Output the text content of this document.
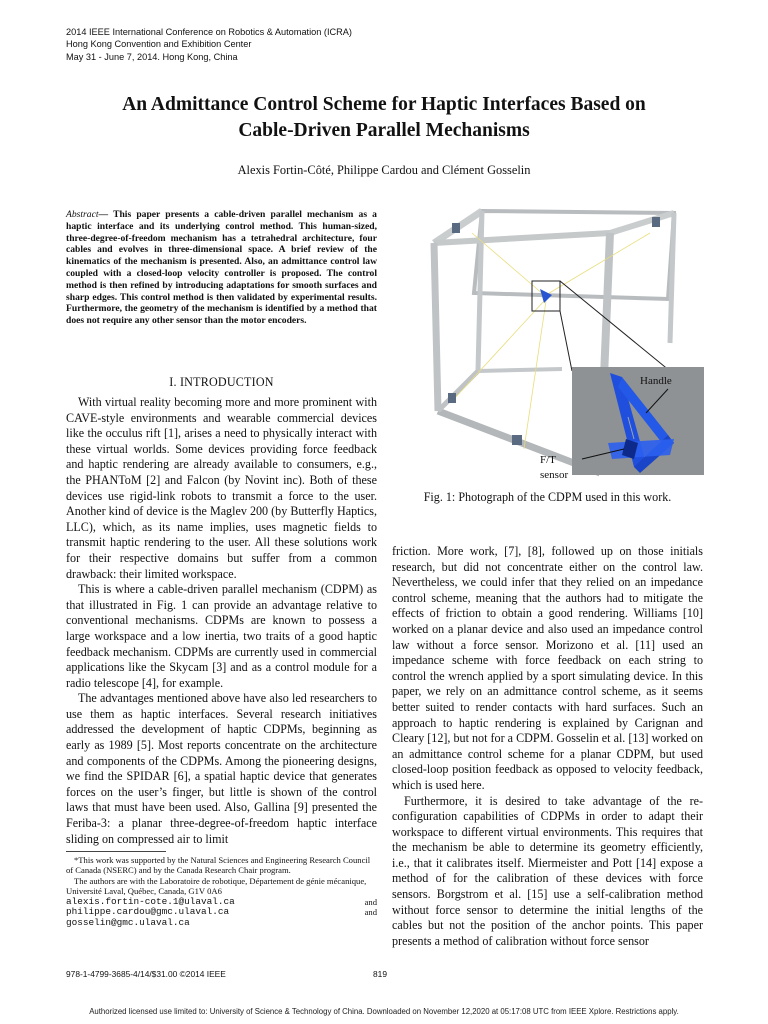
2014 IEEE International Conference on Robotics & Automation (ICRA)
Hong Kong Convention and Exhibition Center
May 31 - June 7, 2014. Hong Kong, China
An Admittance Control Scheme for Haptic Interfaces Based on
Cable-Driven Parallel Mechanisms
Alexis Fortin-Côté, Philippe Cardou and Clément Gosselin
Abstract— This paper presents a cable-driven parallel mechanism as a haptic interface and its underlying control method. This human-sized, three-degree-of-freedom mechanism has a tetrahedral architecture, four cables and evolves in three-dimensional space. A brief review of the kinematics of the mechanism is presented. Also, an admittance control law coupled with a closed-loop velocity controller is proposed. The control method is then refined by introducing adaptations for smooth surfaces and sharp edges. This control method is then validated by experimental results. Furthermore, the geometry of the mechanism is identified by a method that does not require any other sensor than the motor encoders.
I. INTRODUCTION

With virtual reality becoming more and more prominent with CAVE-style environments and wearable commercial devices like the occulus rift [1], arises a need to physically interact with these virtual worlds. Some devices providing force feedback and haptic rendering are already available to consumers, e.g., the PHANToM [2] and Falcon (by Novint inc). Both of these devices use rigid-link robots to transmit a force to the user. Another kind of device is the Maglev 200 (by Butterfly Haptics, LLC), which, as its name implies, uses magnetic fields to transmit haptic rendering to the user. All these solutions work for their respective domains but suffer from a common drawback: their limited workspace.

This is where a cable-driven parallel mechanism (CDPM) as that illustrated in Fig. 1 can provide an advantage relative to conventional mechanisms. CDPMs are known to possess a large workspace and a low inertia, two traits of a good haptic feedback mechanism. CDPMs are currently used in commercial applications like the Skycam [3] and as a control module for a radio telescope [4], for example.

The advantages mentioned above have also led researchers to use them as haptic interfaces. Several research initiatives addressed the development of haptic CDPMs, beginning as early as 1989 [5]. Most reports concentrate on the architecture and components of the CDPMs. Among the pioneering designs, we find the SPIDAR [6], a spatial haptic device that generates forces on the user’s finger, but little is shown of the control laws that must have been used. Also, Gallina [9] presented the Feriba-3: a planar three-degree-of-freedom haptic interface sliding on compressed air to limit

*This work was supported by the Natural Sciences and Engineering Research Council of Canada (NSERC) and by the Canada Research Chair program.

The authors are with the Laboratoire de robotique, Département de génie mécanique, Université Laval, Québec, Canada, G1V 0A6

alexis.fortin-cote.1@ulaval.ca	and
philippe.cardou@gmc.ulaval.ca	and
gosselin@gmc.ulaval.ca
Handle
F/T
sensor
Fig. 1: Photograph of the CDPM used in this work.

friction. More work, [7], [8], followed up on those initials research, but did not concentrate either on the control law. Nevertheless, we could infer that they relied on an impedance control scheme, meaning that the authors had to mitigate the effects of friction to obtain a good rendering. Williams [10] worked on a planar device and also used an impedance control law without a force sensor. Morizono et al. [11] used an impedance scheme with force feedback on each string to control the wrench applied by a sport simulating device. In this paper, we rely on an admittance control scheme, as it seems better suited to render contacts with hard surfaces. Such an approach to haptic rendering is explained by Carignan and Cleary [12], but not for a CDPM. Gosselin et al. [13] worked on an admittance control scheme for a planar CDPM, but used closed-loop position feedback as opposed to velocity feedback, which is used here.

Furthermore, it is desired to take advantage of the re-configuration capabilities of CDPMs in order to adapt their workspace to different virtual environments. This requires that the mechanism be able to determine its geometry efficiently, i.e., that it calibrates itself. Miermeister and Pott [14] expose a method of for the calibration of these devices with force sensors. Borgstrom et al. [15] use a self-calibration method without force sensor to determine the initial lengths of the cables but not the position of the anchor points. This paper presents a method of calibration without force sensor

978-1-4799-3685-4/14/$31.00 ©2014 IEEE	819
Authorized licensed use limited to: University of Science & Technology of China. Downloaded on November 12,2020 at 05:17:08 UTC from IEEE Xplore. Restrictions apply.
